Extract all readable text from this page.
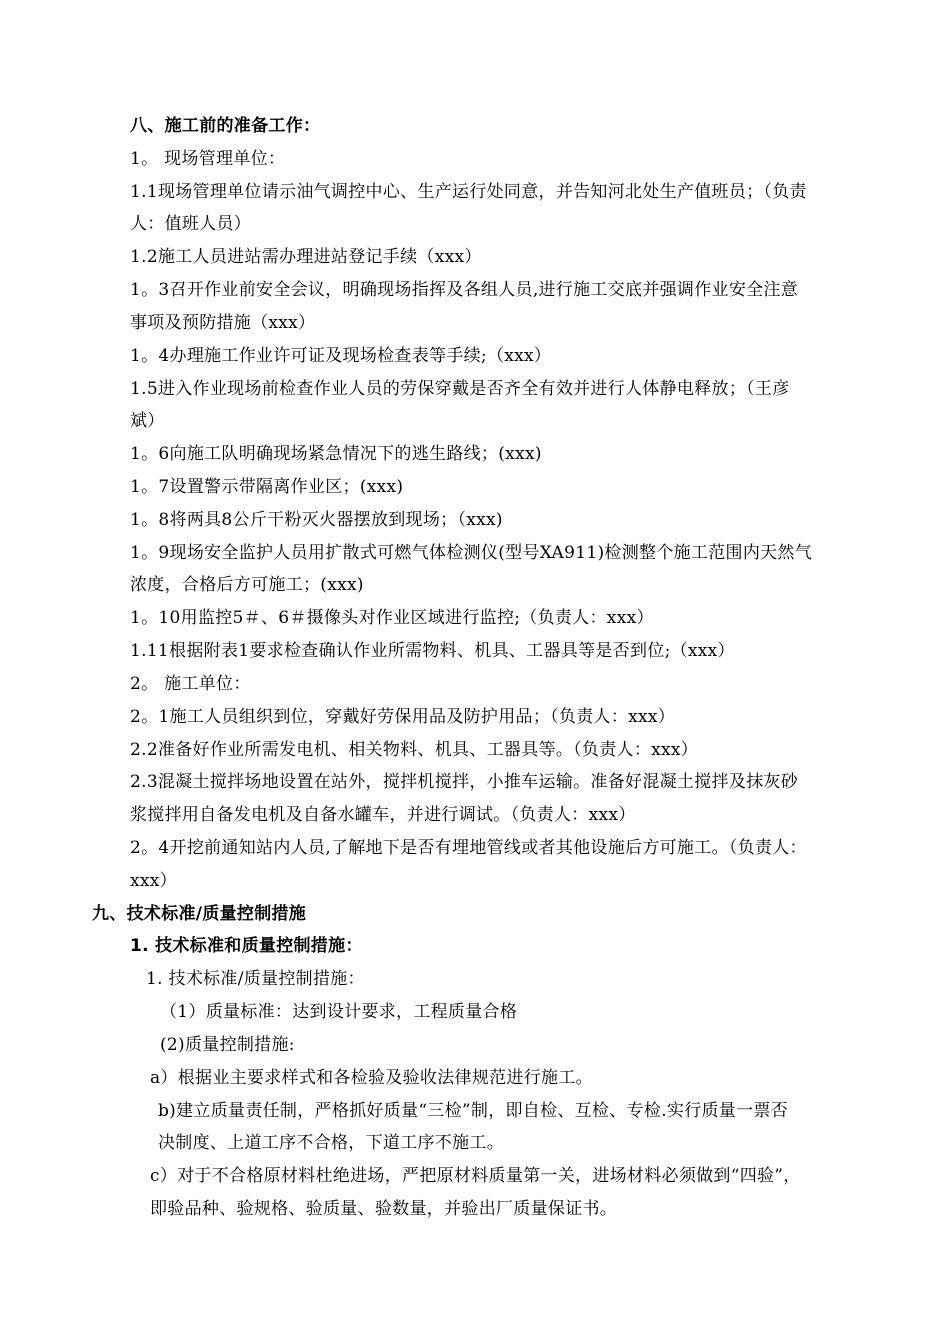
八、施工前的准备工作：
1。 现场管理单位：
1.1现场管理单位请示油气调控中心、生产运行处同意，并告知河北处生产值班员；（负责
人：值班人员）
1.2施工人员进站需办理进站登记手续（xxx）
1。3召开作业前安全会议，明确现场指挥及各组人员,进行施工交底并强调作业安全注意
事项及预防措施（xxx）
1。4办理施工作业许可证及现场检查表等手续;（xxx）
1.5进入作业现场前检查作业人员的劳保穿戴是否齐全有效并进行人体静电释放；（王彦
斌）
1。6向施工队明确现场紧急情况下的逃生路线；(xxx)
1。7设置警示带隔离作业区；(xxx)
1。8将两具8公斤干粉灭火器摆放到现场；（xxx)
1。9现场安全监护人员用扩散式可燃气体检测仪(型号XA911)检测整个施工范围内天然气
浓度，合格后方可施工；(xxx)
1。10用监控5＃、6＃摄像头对作业区域进行监控;（负责人：xxx）
1.11根据附表1要求检查确认作业所需物料、机具、工器具等是否到位;（xxx）
2。 施工单位：
2。1施工人员组织到位，穿戴好劳保用品及防护用品；（负责人：xxx）
2.2准备好作业所需发电机、相关物料、机具、工器具等。（负责人：xxx）
2.3混凝土搅拌场地设置在站外，搅拌机搅拌，小推车运输。准备好混凝土搅拌及抹灰砂
浆搅拌用自备发电机及自备水罐车，并进行调试。（负责人：xxx）
2。4开挖前通知站内人员,了解地下是否有埋地管线或者其他设施后方可施工。（负责人：
xxx）
九、技术标准/质量控制措施
1. 技术标准和质量控制措施：
1. 技术标准/质量控制措施：
（1）质量标准：达到设计要求，工程质量合格
(2)质量控制措施:
a）根据业主要求样式和各检验及验收法律规范进行施工。
b)建立质量责任制，严格抓好质量“三检”制，即自检、互检、专检.实行质量一票否
决制度、上道工序不合格，下道工序不施工。
c）对于不合格原材料杜绝进场，严把原材料质量第一关，进场材料必须做到“四验”，
即验品种、验规格、验质量、验数量，并验出厂质量保证书。
